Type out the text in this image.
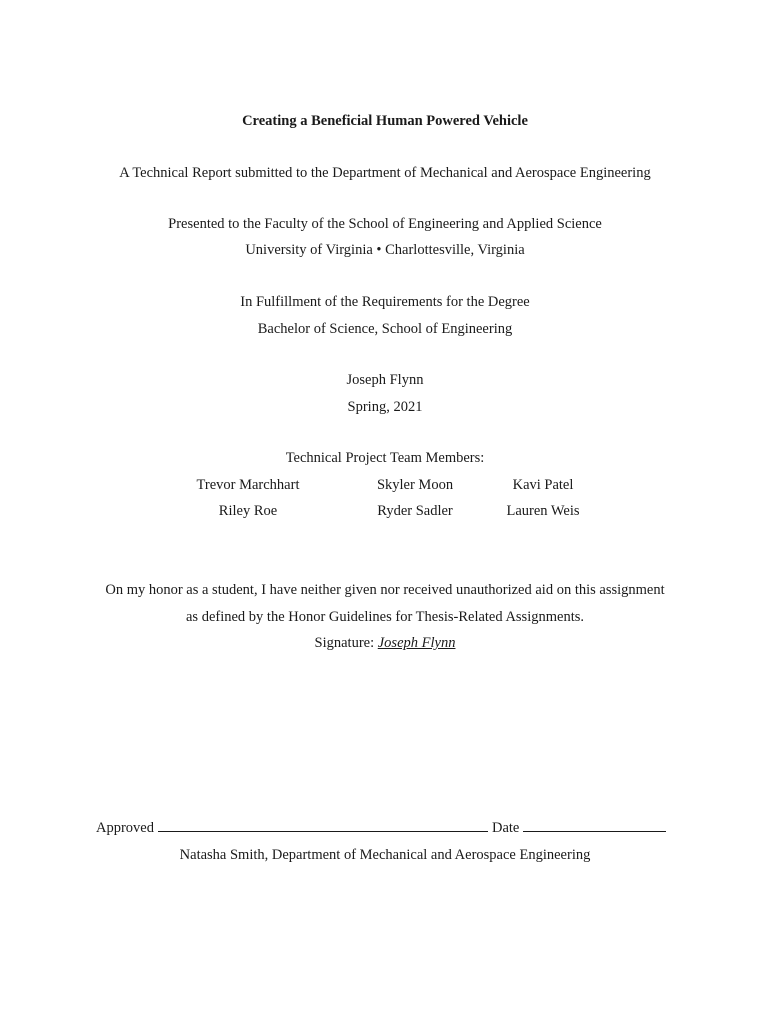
Creating a Beneficial Human Powered Vehicle
A Technical Report submitted to the Department of Mechanical and Aerospace Engineering
Presented to the Faculty of the School of Engineering and Applied Science
University of Virginia • Charlottesville, Virginia
In Fulfillment of the Requirements for the Degree
Bachelor of Science, School of Engineering
Joseph Flynn
Spring, 2021
Technical Project Team Members:
Trevor Marchhart	Skyler Moon	Kavi Patel
Riley Roe	Ryder Sadler	Lauren Weis
On my honor as a student, I have neither given nor received unauthorized aid on this assignment
as defined by the Honor Guidelines for Thesis-Related Assignments.
Signature: Joseph Flynn
Approved	Date
Natasha Smith, Department of Mechanical and Aerospace Engineering
